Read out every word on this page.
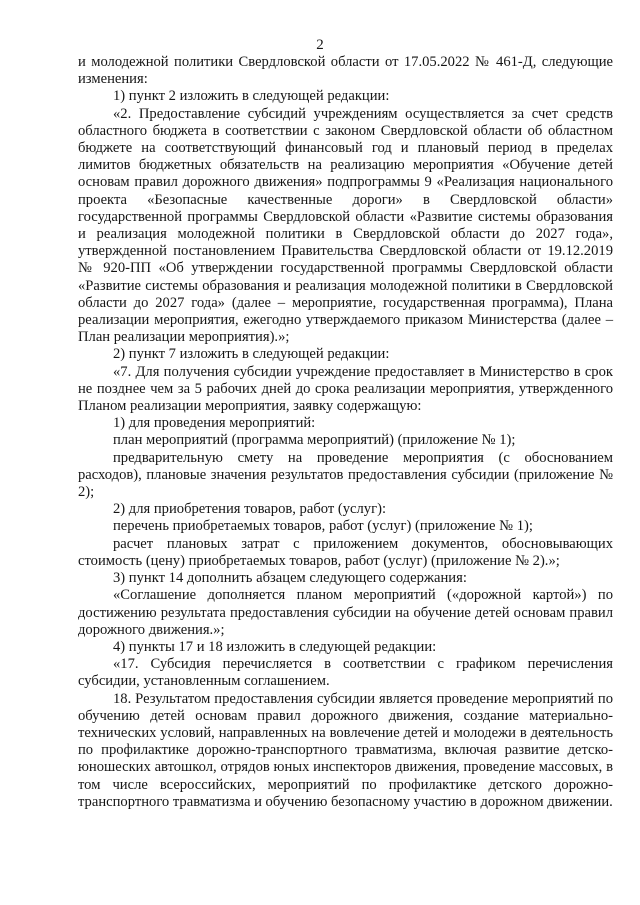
2

и молодежной политики Свердловской области от 17.05.2022 № 461-Д, следующие изменения:

1) пункт 2 изложить в следующей редакции:

«2. Предоставление субсидий учреждениям осуществляется за счет средств областного бюджета в соответствии с законом Свердловской области об областном бюджете на соответствующий финансовый год и плановый период в пределах лимитов бюджетных обязательств на реализацию мероприятия «Обучение детей основам правил дорожного движения» подпрограммы 9 «Реализация национального проекта «Безопасные качественные дороги» в Свердловской области» государственной программы Свердловской области «Развитие системы образования и реализация молодежной политики в Свердловской области до 2027 года», утвержденной постановлением Правительства Свердловской области от 19.12.2019 № 920-ПП «Об утверждении государственной программы Свердловской области «Развитие системы образования и реализация молодежной политики в Свердловской области до 2027 года» (далее – мероприятие, государственная программа), Плана реализации мероприятия, ежегодно утверждаемого приказом Министерства (далее – План реализации мероприятия).»;

2) пункт 7 изложить в следующей редакции:

«7. Для получения субсидии учреждение предоставляет в Министерство в срок не позднее чем за 5 рабочих дней до срока реализации мероприятия, утвержденного Планом реализации мероприятия, заявку содержащую:

1) для проведения мероприятий:

план мероприятий (программа мероприятий) (приложение № 1);

предварительную смету на проведение мероприятия (с обоснованием расходов), плановые значения результатов предоставления субсидии (приложение № 2);

2) для приобретения товаров, работ (услуг):

перечень приобретаемых товаров, работ (услуг) (приложение № 1);

расчет плановых затрат с приложением документов, обосновывающих стоимость (цену) приобретаемых товаров, работ (услуг) (приложение № 2).»;

3) пункт 14 дополнить абзацем следующего содержания:

«Соглашение дополняется планом мероприятий («дорожной картой») по достижению результата предоставления субсидии на обучение детей основам правил дорожного движения.»;

4) пункты 17 и 18 изложить в следующей редакции:

«17. Субсидия перечисляется в соответствии с графиком перечисления субсидии, установленным соглашением.

18. Результатом предоставления субсидии является проведение мероприятий по обучению детей основам правил дорожного движения, создание материально-технических условий, направленных на вовлечение детей и молодежи в деятельность по профилактике дорожно-транспортного травматизма, включая развитие детско-юношеских автошкол, отрядов юных инспекторов движения, проведение массовых, в том числе всероссийских, мероприятий по профилактике детского дорожно-транспортного травматизма и обучению безопасному участию в дорожном движении.
